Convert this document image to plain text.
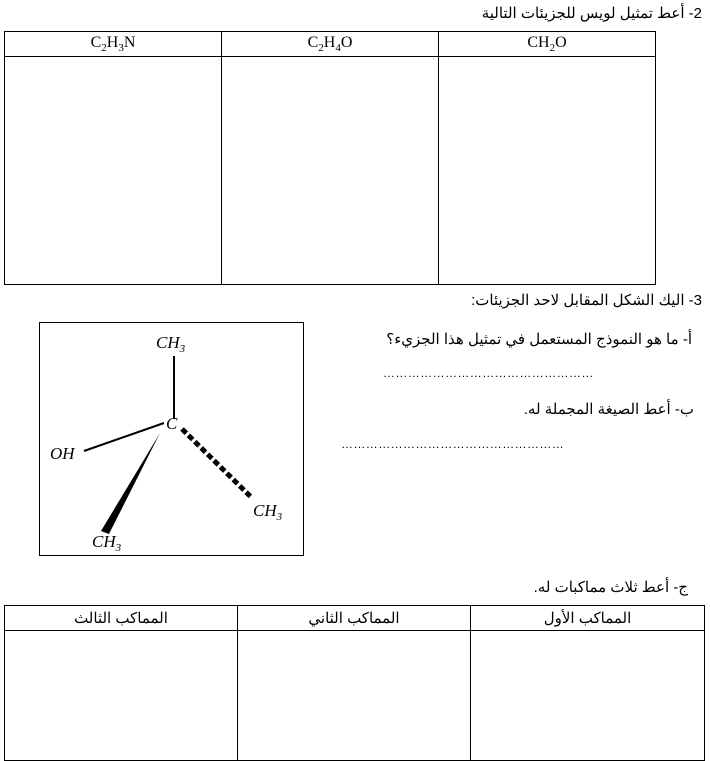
2- أعط تمثيل لويس للجزيئات التالية
$C_2H_3N$	$C_2H_4O$	$CH_2O$

3- اليك الشكل المقابل لاحد الجزيئات:
$CH_3$
C
OH
$CH_3$
$CH_3$
أ- ما هو النموذج المستعمل في تمثيل هذا الجزيء؟
……………………………………………
ب- أعط الصيغة المجملة له.
………………………………………………
ج- أعط ثلاث مماكبات له.
المماكب الثالث	المماكب الثاني	المماكب الأول
